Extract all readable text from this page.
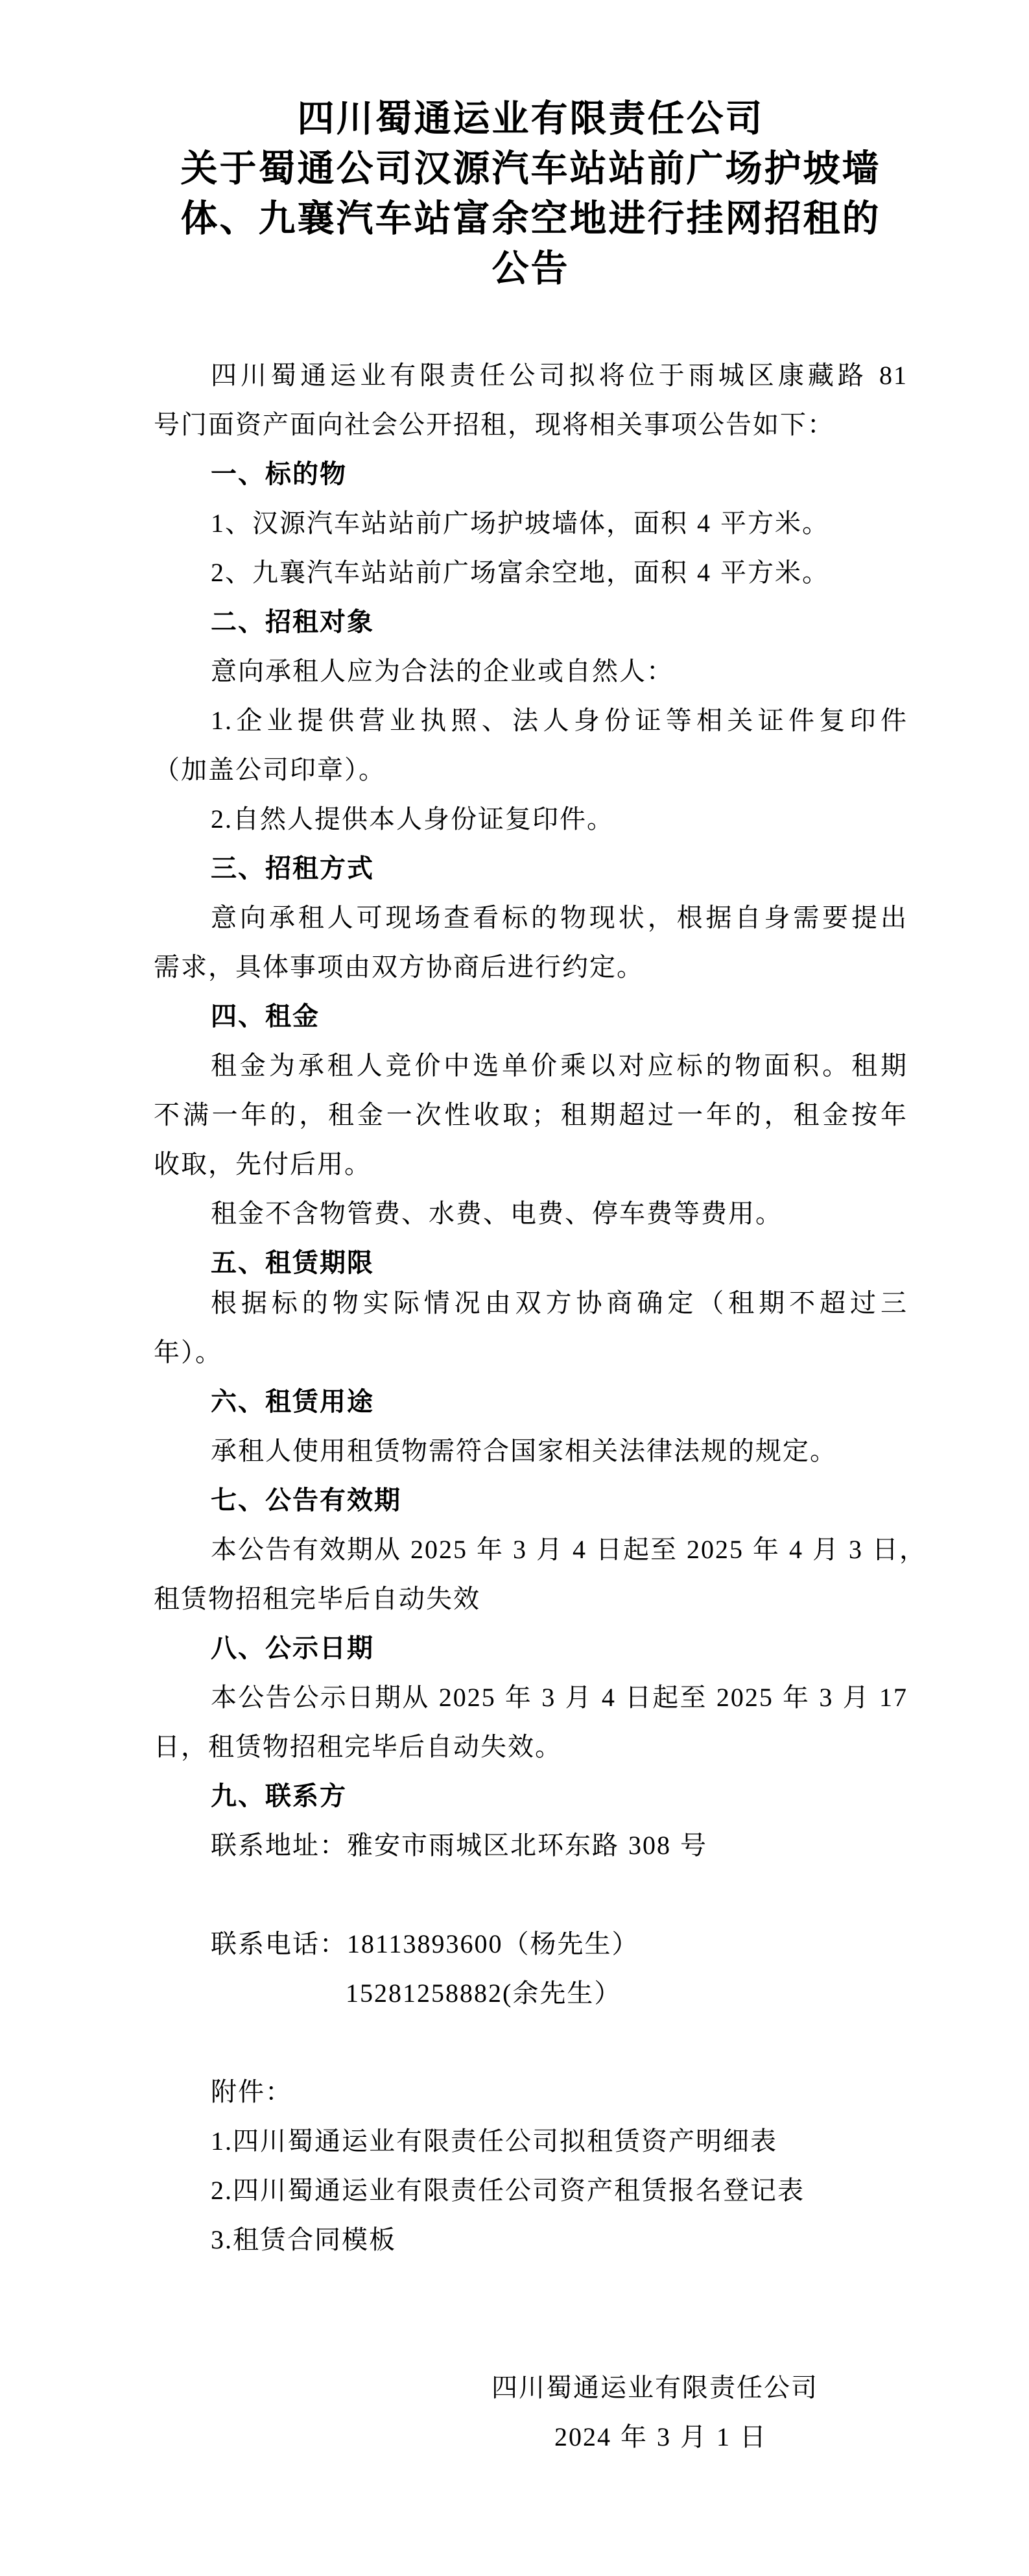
四川蜀通运业有限责任公司

关于蜀通公司汉源汽车站站前广场护坡墙

体、九襄汽车站富余空地进行挂网招租的

公告

四川蜀通运业有限责任公司拟将位于雨城区康藏路 81

号门面资产面向社会公开招租，现将相关事项公告如下：

一、标的物

1、汉源汽车站站前广场护坡墙体，面积 4 平方米。

2、九襄汽车站站前广场富余空地，面积 4 平方米。

二、招租对象

意向承租人应为合法的企业或自然人：

1.企业提供营业执照、法人身份证等相关证件复印件

（加盖公司印章）。

2.自然人提供本人身份证复印件。

三、招租方式

意向承租人可现场查看标的物现状，根据自身需要提出

需求，具体事项由双方协商后进行约定。

四、租金

租金为承租人竞价中选单价乘以对应标的物面积。租期

不满一年的，租金一次性收取；租期超过一年的，租金按年

收取，先付后用。

租金不含物管费、水费、电费、停车费等费用。

五、租赁期限

根据标的物实际情况由双方协商确定（租期不超过三

年）。

六、租赁用途

承租人使用租赁物需符合国家相关法律法规的规定。

七、公告有效期

本公告有效期从 2025 年 3 月 4 日起至 2025 年 4 月 3 日，

租赁物招租完毕后自动失效

八、公示日期

本公告公示日期从 2025 年 3 月 4 日起至 2025 年 3 月 17

日，租赁物招租完毕后自动失效。

九、联系方

联系地址：雅安市雨城区北环东路 308 号

联系电话：18113893600（杨先生）

15281258882(余先生）

附件：

1.四川蜀通运业有限责任公司拟租赁资产明细表

2.四川蜀通运业有限责任公司资产租赁报名登记表

3.租赁合同模板

四川蜀通运业有限责任公司

2024 年 3 月 1 日
